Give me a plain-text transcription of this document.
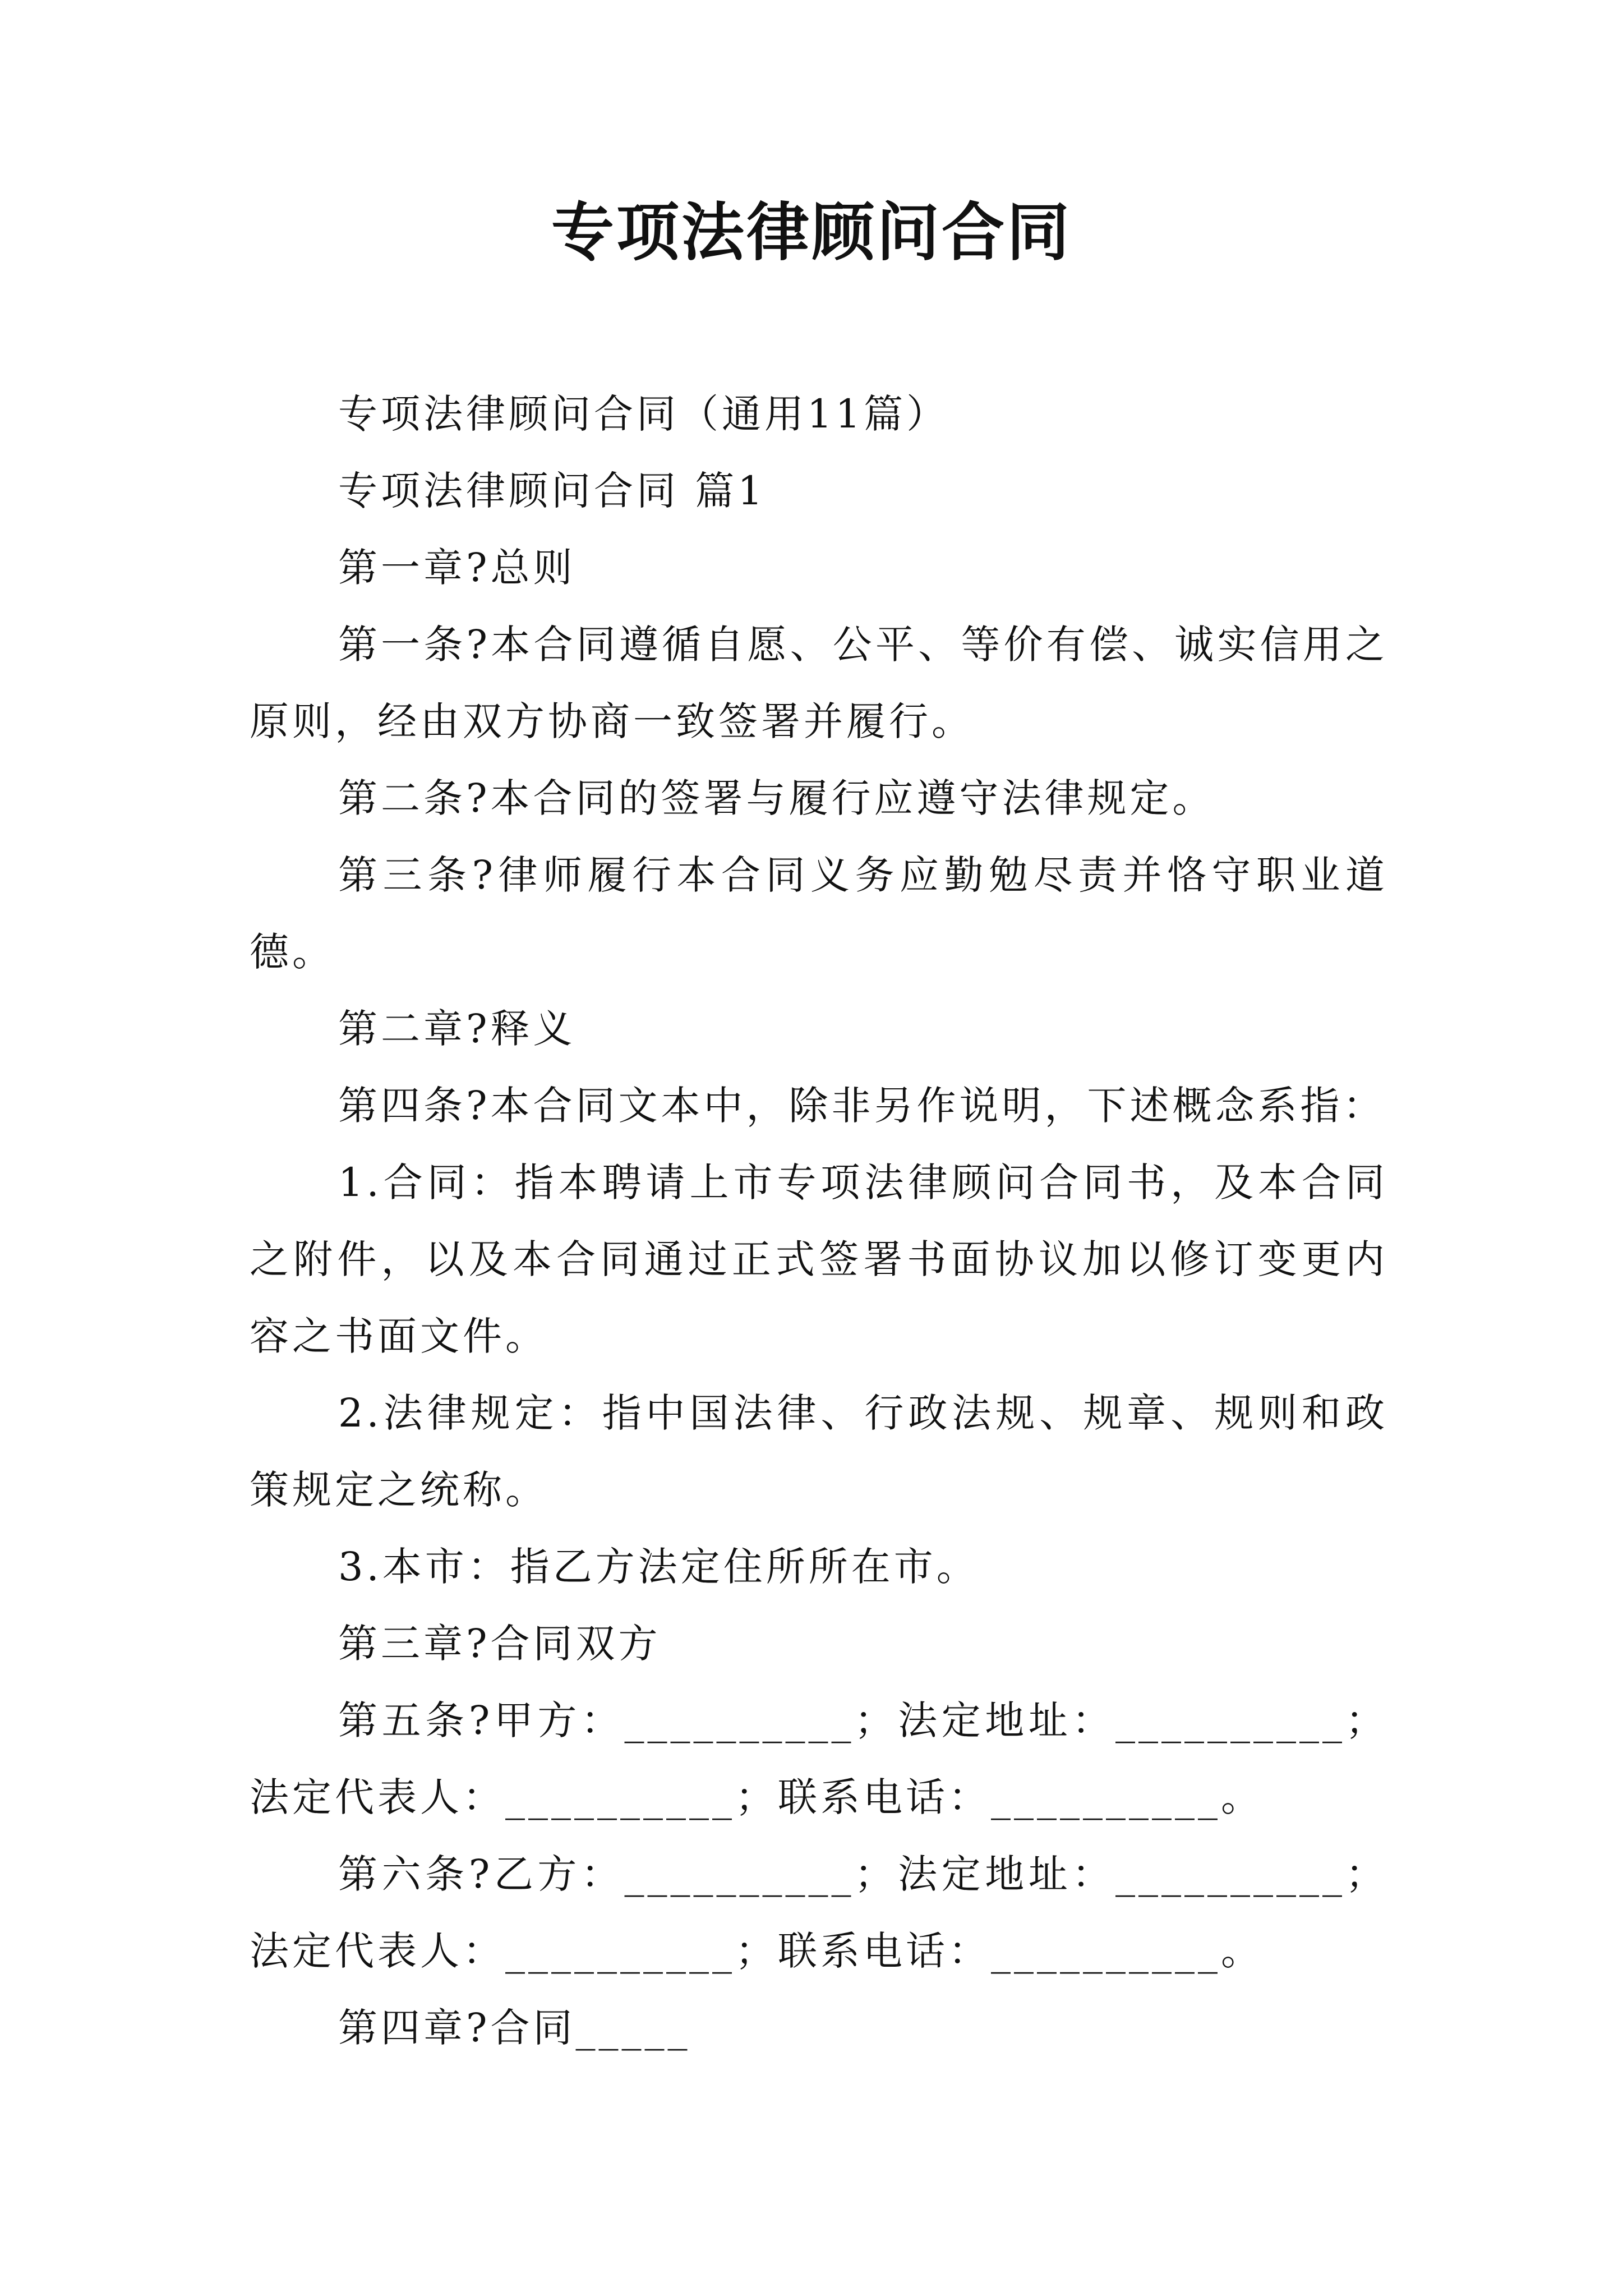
专项法律顾问合同

专项法律顾问合同（通用11篇）

专项法律顾问合同 篇1

第一章?总则

第一条?本合同遵循自愿、公平、等价有偿、诚实信用之原则，经由双方协商一致签署并履行。

第二条?本合同的签署与履行应遵守法律规定。

第三条?律师履行本合同义务应勤勉尽责并恪守职业道德。

第二章?释义

第四条?本合同文本中，除非另作说明，下述概念系指：

1.合同：指本聘请上市专项法律顾问合同书，及本合同之附件，以及本合同通过正式签署书面协议加以修订变更内容之书面文件。

2.法律规定：指中国法律、行政法规、规章、规则和政策规定之统称。

3.本市：指乙方法定住所所在市。

第三章?合同双方

第五条?甲方：__________；法定地址：__________；法定代表人：__________；联系电话：__________。

第六条?乙方：__________；法定地址：__________；法定代表人：__________；联系电话：__________。

第四章?合同_____
